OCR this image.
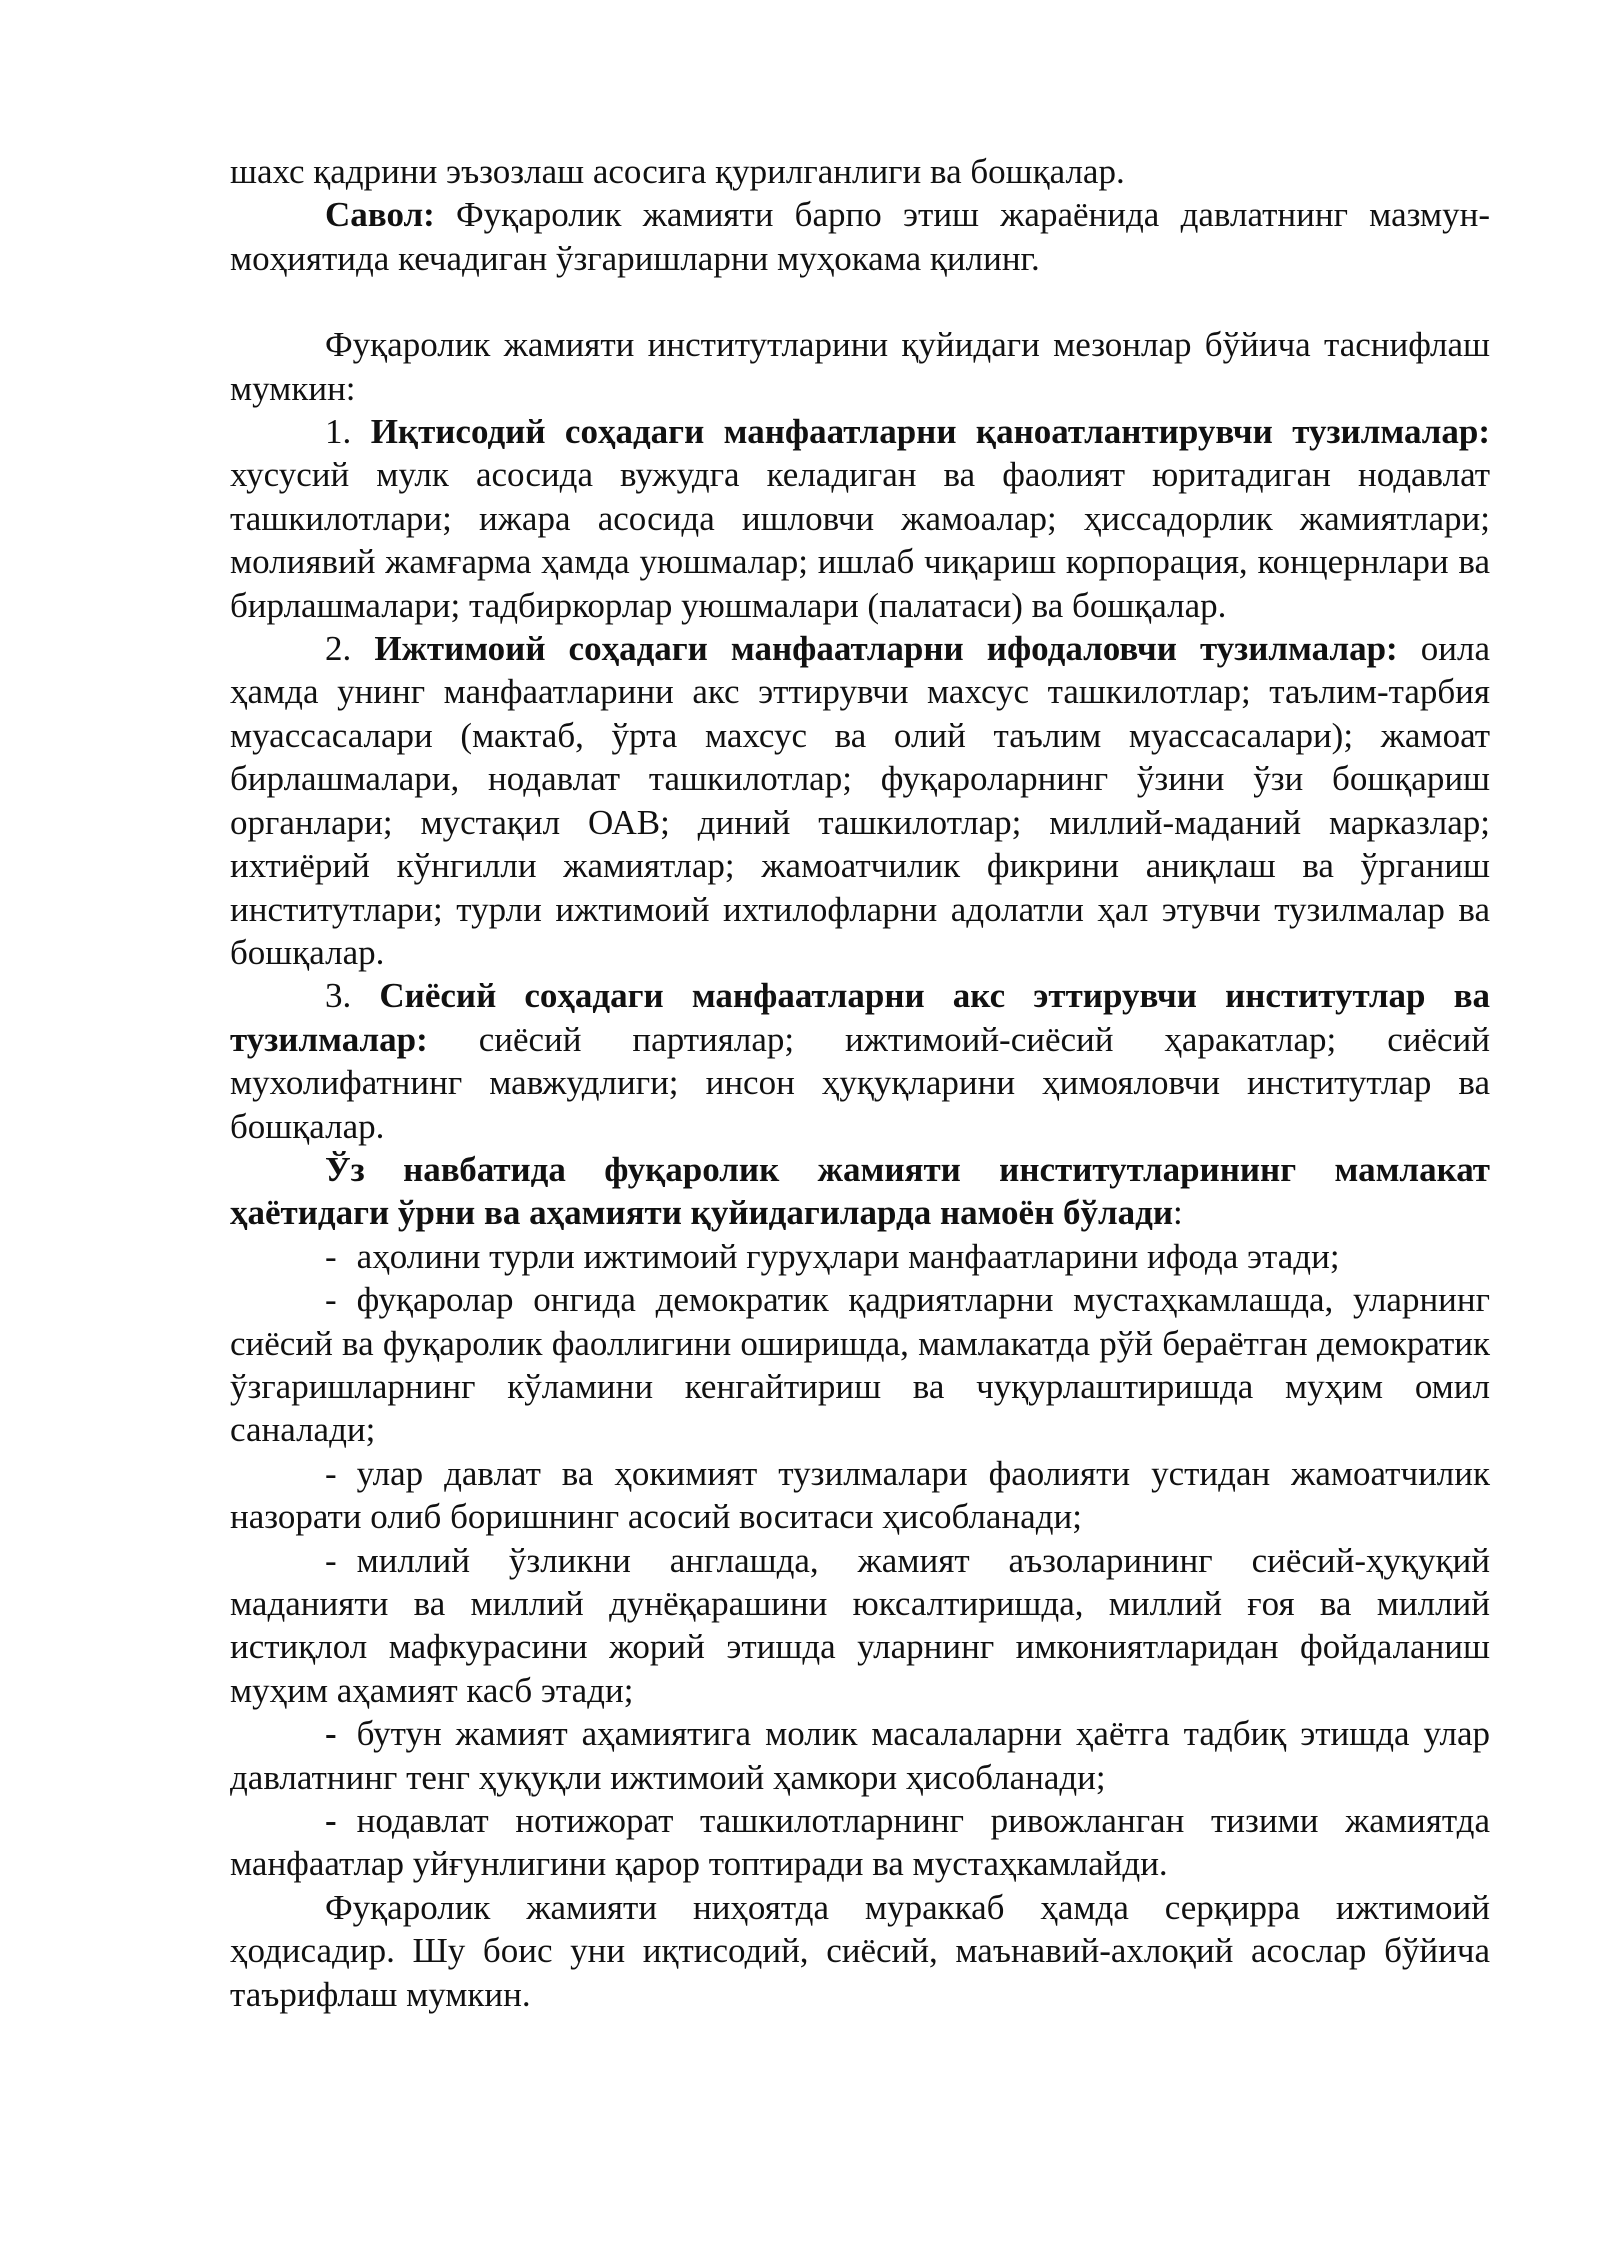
шахс қадрини эъзозлаш асосига қурилганлиги ва бошқалар.

Савол: Фуқаролик жамияти барпо этиш жараёнида давлатнинг мазмун-моҳиятида кечадиган ўзгаришларни муҳокама қилинг.

Фуқаролик жамияти институтларини қуйидаги мезонлар бўйича таснифлаш мумкин:

1. Иқтисодий соҳадаги манфаатларни қаноатлантирувчи тузилмалар: хусусий мулк асосида вужудга келадиган ва фаолият юритадиган нодавлат ташкилотлари; ижара асосида ишловчи жамоалар; ҳиссадорлик жамиятлари; молиявий жамғарма ҳамда уюшмалар; ишлаб чиқариш корпорация, концернлари ва бирлашмалари; тадбиркорлар уюшмалари (палатаси) ва бошқалар.

2. Ижтимоий соҳадаги манфаатларни ифодаловчи тузилмалар: оила ҳамда унинг манфаатларини акс эттирувчи махсус ташкилотлар; таълим-тарбия муассасалари (мактаб, ўрта махсус ва олий таълим муассасалари); жамоат бирлашмалари, нодавлат ташкилотлар; фуқароларнинг ўзини ўзи бошқариш органлари; мустақил ОАВ; диний ташкилотлар; миллий-маданий марказлар; ихтиёрий кўнгилли жамиятлар; жамоатчилик фикрини аниқлаш ва ўрганиш институтлари; турли ижтимоий ихтилофларни адолатли ҳал этувчи тузилмалар ва бошқалар.

3. Сиёсий соҳадаги манфаатларни акс эттирувчи институтлар ва тузилмалар: сиёсий партиялар; ижтимоий-сиёсий ҳаракатлар; сиёсий мухолифатнинг мавжудлиги; инсон ҳуқуқларини ҳимояловчи институтлар ва бошқалар.

Ўз навбатида фуқаролик жамияти институтларининг мамлакат ҳаётидаги ўрни ва аҳамияти қуйидагиларда намоён бўлади:

- аҳолини турли ижтимоий гуруҳлари манфаатларини ифода этади;

- фуқаролар онгида демократик қадриятларни мустаҳкамлашда, уларнинг сиёсий ва фуқаролик фаоллигини оширишда, мамлакатда рўй бераётган демократик ўзгаришларнинг кўламини кенгайтириш ва чуқурлаштиришда муҳим омил саналади;

- улар давлат ва ҳокимият тузилмалари фаолияти устидан жамоатчилик назорати олиб боришнинг асосий воситаси ҳисобланади;

- миллий ўзликни англашда, жамият аъзоларининг сиёсий-ҳуқуқий маданияти ва миллий дунёқарашини юксалтиришда, миллий ғоя ва миллий истиқлол мафкурасини жорий этишда уларнинг имкониятларидан фойдаланиш муҳим аҳамият касб этади;

- бутун жамият аҳамиятига молик масалаларни ҳаётга тадбиқ этишда улар давлатнинг тенг ҳуқуқли ижтимоий ҳамкори ҳисобланади;

- нодавлат нотижорат ташкилотларнинг ривожланган тизими жамиятда манфаатлар уйғунлигини қарор топтиради ва мустаҳкамлайди.

Фуқаролик жамияти ниҳоятда мураккаб ҳамда серқирра ижтимоий ҳодисадир. Шу боис уни иқтисодий, сиёсий, маънавий-ахлоқий асослар бўйича таърифлаш мумкин.
